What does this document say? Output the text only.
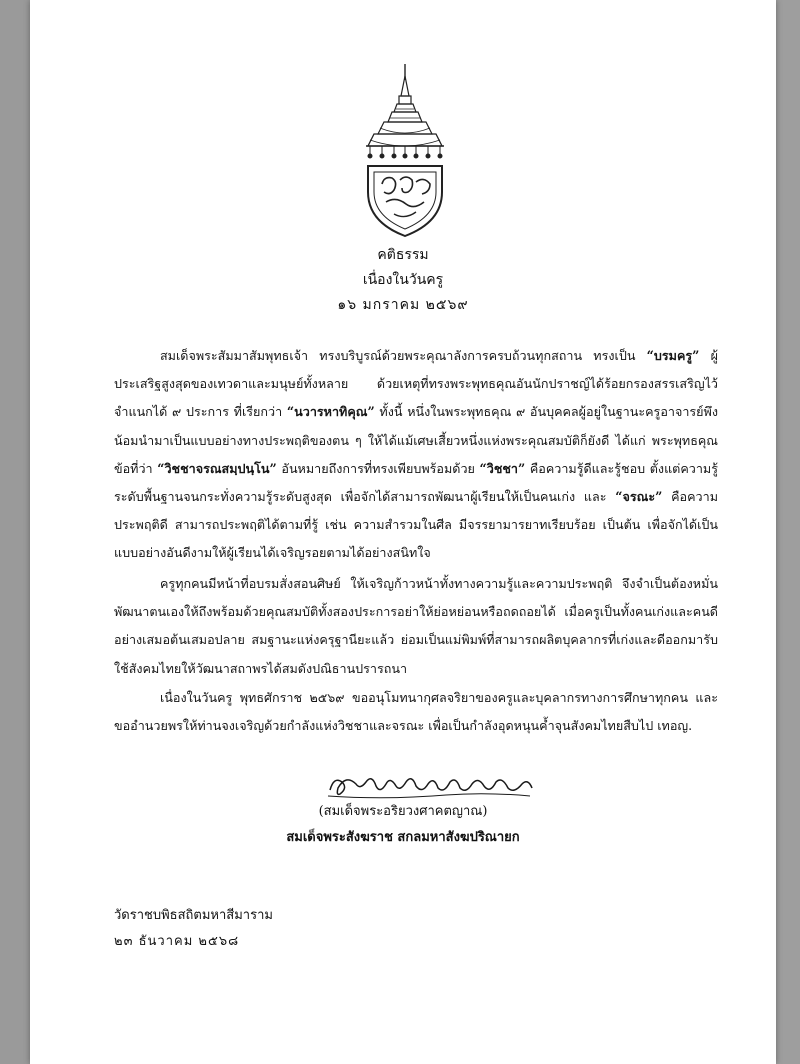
คติธรรม
เนื่องในวันครู
๑๖ มกราคม ๒๕๖๙

สมเด็จพระสัมมาสัมพุทธเจ้า ทรงบริบูรณ์ด้วยพระคุณาลังการครบถ้วนทุกสถาน ทรงเป็น “บรมครู” ผู้ประเสริฐสูงสุดของเทวดาและมนุษย์ทั้งหลาย ด้วยเหตุที่ทรงพระพุทธคุณอันนักปราชญ์ได้ร้อยกรองสรรเสริญไว้ จำแนกได้ ๙ ประการ ที่เรียกว่า “นวารหาทิคุณ” ทั้งนี้ หนึ่งในพระพุทธคุณ ๙ อันบุคคลผู้อยู่ในฐานะครูอาจารย์พึงน้อมนำมาเป็นแบบอย่างทางประพฤติของตน ๆ ให้ได้แม้เศษเสี้ยวหนึ่งแห่งพระคุณสมบัติก็ยังดี ได้แก่ พระพุทธคุณข้อที่ว่า “วิชชาจรณสมฺปนฺโน” อันหมายถึงการที่ทรงเพียบพร้อมด้วย “วิชชา” คือความรู้ดีและรู้ชอบ ตั้งแต่ความรู้ระดับพื้นฐานจนกระทั่งความรู้ระดับสูงสุด เพื่อจักได้สามารถพัฒนาผู้เรียนให้เป็นคนเก่ง และ “จรณะ” คือความประพฤติดี สามารถประพฤติได้ตามที่รู้ เช่น ความสำรวมในศีล มีจรรยามารยาทเรียบร้อย เป็นต้น เพื่อจักได้เป็นแบบอย่างอันดีงามให้ผู้เรียนได้เจริญรอยตามได้อย่างสนิทใจ

ครูทุกคนมีหน้าที่อบรมสั่งสอนศิษย์ ให้เจริญก้าวหน้าทั้งทางความรู้และความประพฤติ จึงจำเป็นต้องหมั่นพัฒนาตนเองให้ถึงพร้อมด้วยคุณสมบัติทั้งสองประการอย่าให้ย่อหย่อนหรือถดถอยได้ เมื่อครูเป็นทั้งคนเก่งและคนดีอย่างเสมอต้นเสมอปลาย สมฐานะแห่งครุฐานียะแล้ว ย่อมเป็นแม่พิมพ์ที่สามารถผลิตบุคลากรที่เก่งและดีออกมารับใช้สังคมไทยให้วัฒนาสถาพรได้สมดังปณิธานปรารถนา

เนื่องในวันครู พุทธศักราช ๒๕๖๙ ขออนุโมทนากุศลจริยาของครูและบุคลากรทางการศึกษาทุกคน และขออำนวยพรให้ท่านจงเจริญด้วยกำลังแห่งวิชชาและจรณะ เพื่อเป็นกำลังอุดหนุนค้ำจุนสังคมไทยสืบไป เทอญ.

(สมเด็จพระอริยวงศาคตญาณ)
สมเด็จพระสังฆราช สกลมหาสังฆปริณายก
วัดราชบพิธสถิตมหาสีมาราม
๒๓ ธันวาคม ๒๕๖๘
